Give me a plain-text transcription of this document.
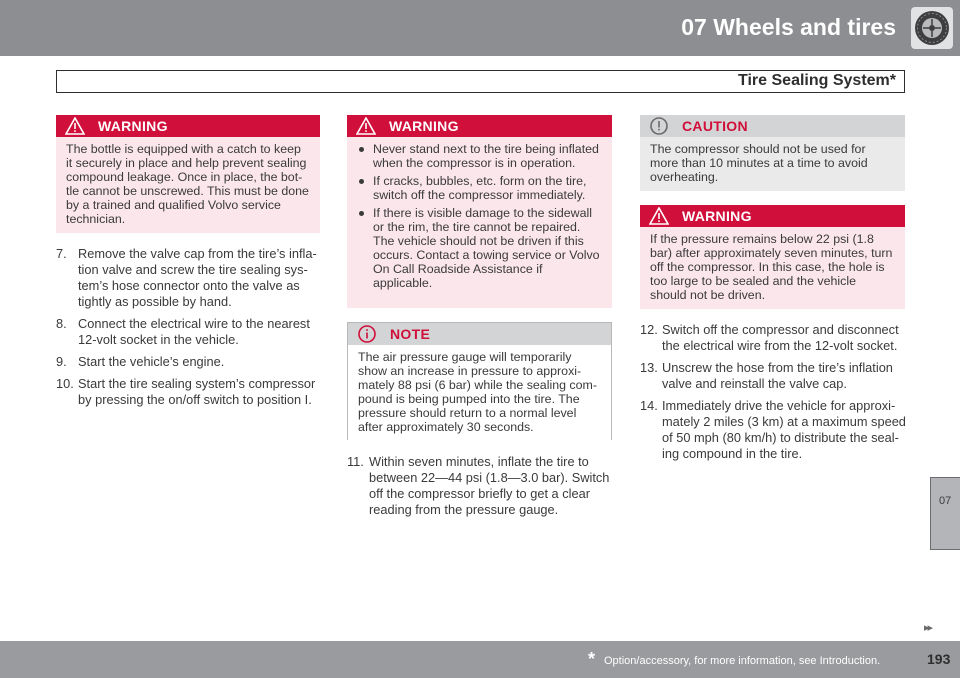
07 Wheels and tires
Tire Sealing System*
WARNING
The bottle is equipped with a catch to keep it securely in place and help prevent sealing compound leakage. Once in place, the bot-tle cannot be unscrewed. This must be done by a trained and qualified Volvo service technician.
7. Remove the valve cap from the tire’s infla-tion valve and screw the tire sealing sys-tem’s hose connector onto the valve as tightly as possible by hand.
8. Connect the electrical wire to the nearest 12-volt socket in the vehicle.
9. Start the vehicle’s engine.
10. Start the tire sealing system’s compressor by pressing the on/off switch to position I.
WARNING
Never stand next to the tire being inflated when the compressor is in operation.
If cracks, bubbles, etc. form on the tire, switch off the compressor immediately.
If there is visible damage to the sidewall or the rim, the tire cannot be repaired. The vehicle should not be driven if this occurs. Contact a towing service or Volvo On Call Roadside Assistance if applicable.
NOTE
The air pressure gauge will temporarily show an increase in pressure to approxi-mately 88 psi (6 bar) while the sealing com-pound is being pumped into the tire. The pressure should return to a normal level after approximately 30 seconds.
11. Within seven minutes, inflate the tire to between 22—44 psi (1.8—3.0 bar). Switch off the compressor briefly to get a clear reading from the pressure gauge.
CAUTION
The compressor should not be used for more than 10 minutes at a time to avoid overheating.
WARNING
If the pressure remains below 22 psi (1.8 bar) after approximately seven minutes, turn off the compressor. In this case, the hole is too large to be sealed and the vehicle should not be driven.
12. Switch off the compressor and disconnect the electrical wire from the 12-volt socket.
13. Unscrew the hose from the tire’s inflation valve and reinstall the valve cap.
14. Immediately drive the vehicle for approxi-mately 2 miles (3 km) at a maximum speed of 50 mph (80 km/h) to distribute the seal-ing compound in the tire.
07
▸▸
* Option/accessory, for more information, see Introduction.	193
